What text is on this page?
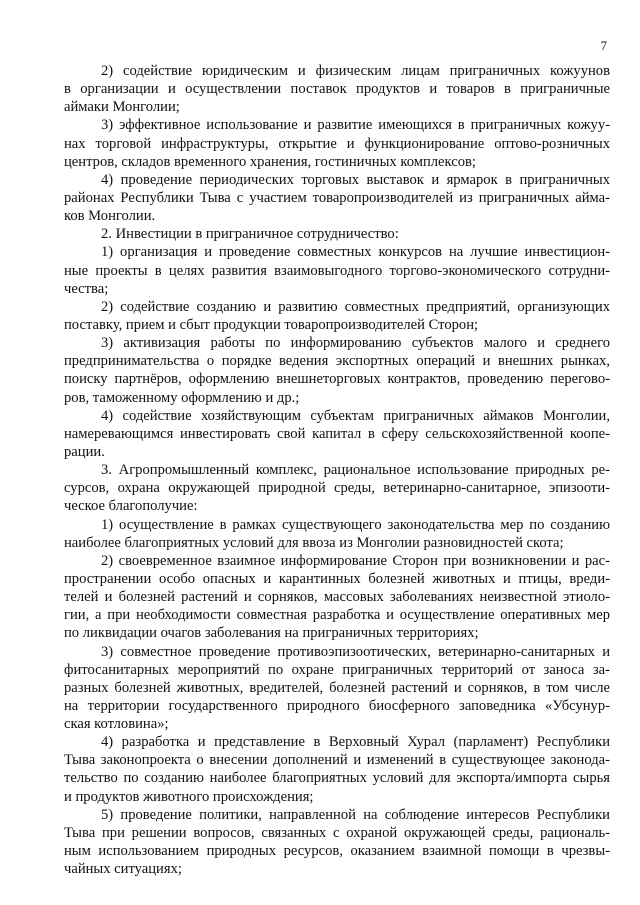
7
2) содействие юридическим и физическим лицам приграничных кожуунов
в организации и осуществлении поставок продуктов и товаров в приграничные
аймаки Монголии;
3) эффективное использование и развитие имеющихся в приграничных кожуу-
нах торговой инфраструктуры, открытие и функционирование оптово-розничных
центров, складов временного хранения, гостиничных комплексов;
4) проведение периодических торговых выставок и ярмарок в приграничных
районах Республики Тыва с участием товаропроизводителей из приграничных айма-
ков Монголии.
2. Инвестиции в приграничное сотрудничество:
1) организация и проведение совместных конкурсов на лучшие инвестицион-
ные проекты в целях развития взаимовыгодного торгово-экономического сотрудни-
чества;
2) содействие созданию и развитию совместных предприятий, организующих
поставку, прием и сбыт продукции товаропроизводителей Сторон;
3) активизация работы по информированию субъектов малого и среднего
предпринимательства о порядке ведения экспортных операций и внешних рынках,
поиску партнёров, оформлению внешнеторговых контрактов, проведению перегово-
ров, таможенному оформлению и др.;
4) содействие хозяйствующим субъектам приграничных аймаков Монголии,
намеревающимся инвестировать свой капитал в сферу сельскохозяйственной коопе-
рации.
3. Агропромышленный комплекс, рациональное использование природных ре-
сурсов, охрана окружающей природной среды, ветеринарно-санитарное, эпизооти-
ческое благополучие:
1) осуществление в рамках существующего законодательства мер по созданию
наиболее благоприятных условий для ввоза из Монголии разновидностей скота;
2) своевременное взаимное информирование Сторон при возникновении и рас-
пространении особо опасных и карантинных болезней животных и птицы, вреди-
телей и болезней растений и сорняков, массовых заболеваниях неизвестной этиоло-
гии, а при необходимости совместная разработка и осуществление оперативных мер
по ликвидации очагов заболевания на приграничных территориях;
3) совместное проведение противоэпизоотических, ветеринарно-санитарных и
фитосанитарных мероприятий по охране приграничных территорий от заноса за-
разных болезней животных, вредителей, болезней растений и сорняков, в том числе
на территории государственного природного биосферного заповедника «Убсунур-
ская котловина»;
4) разработка и представление в Верховный Хурал (парламент) Республики
Тыва законопроекта о внесении дополнений и изменений в существующее законода-
тельство по созданию наиболее благоприятных условий для экспорта/импорта сырья
и продуктов животного происхождения;
5) проведение политики, направленной на соблюдение интересов Республики
Тыва при решении вопросов, связанных с охраной окружающей среды, рациональ-
ным использованием природных ресурсов, оказанием взаимной помощи в чрезвы-
чайных ситуациях;
